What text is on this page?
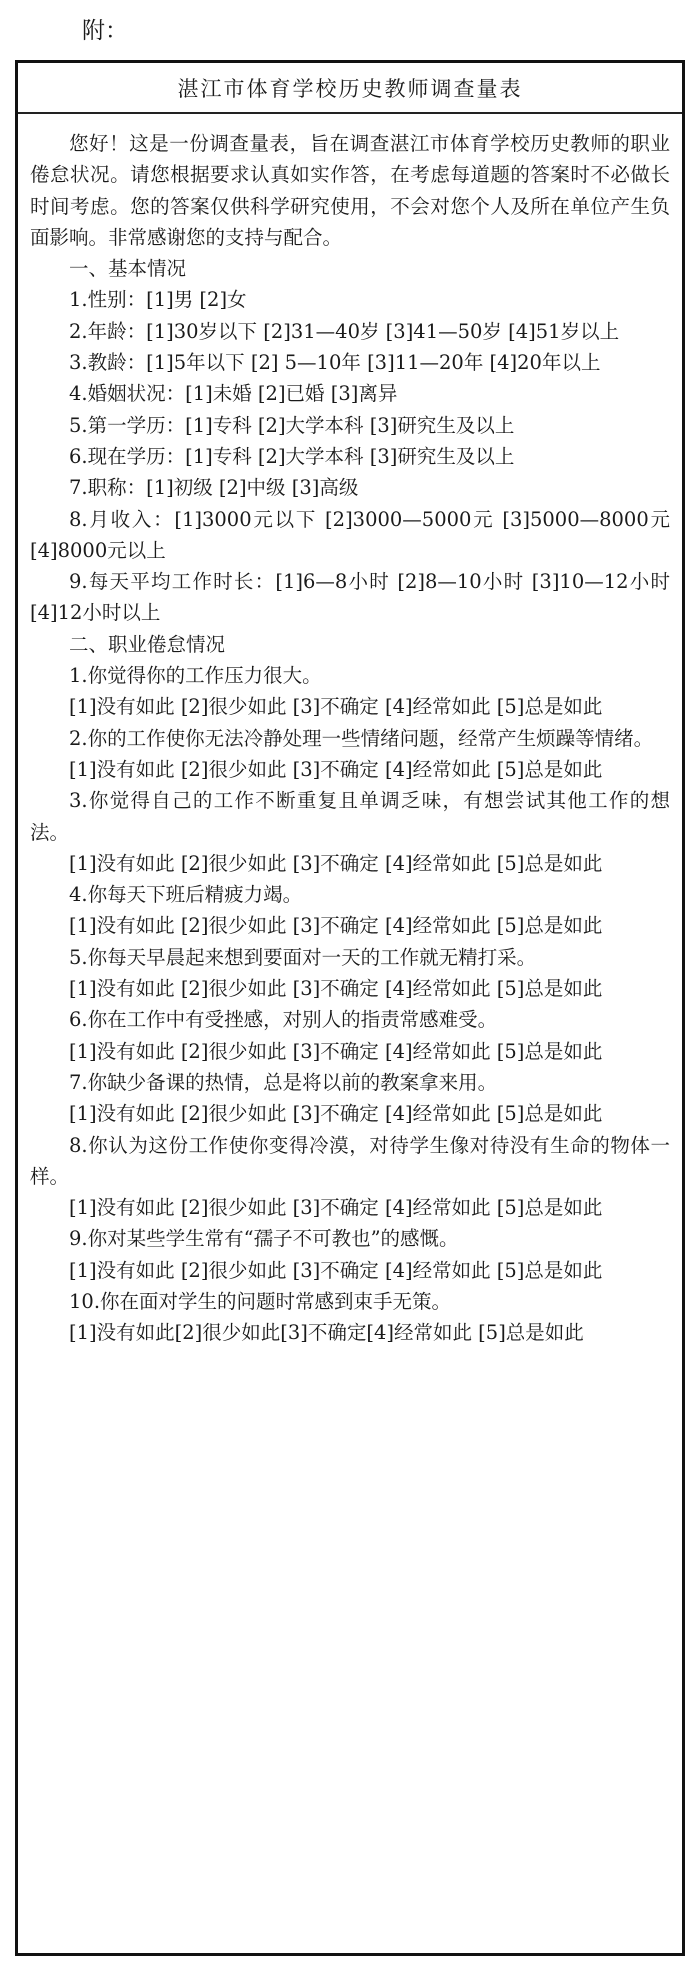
附：
湛江市体育学校历史教师调查量表

您好！这是一份调查量表，旨在调查湛江市体育学校历史教师的职业倦怠状况。请您根据要求认真如实作答，在考虑每道题的答案时不必做长时间考虑。您的答案仅供科学研究使用，不会对您个人及所在单位产生负面影响。非常感谢您的支持与配合。

一、基本情况

1.性别：[1]男 [2]女

2.年龄：[1]30岁以下 [2]31—40岁 [3]41—50岁 [4]51岁以上

3.教龄：[1]5年以下 [2] 5—10年 [3]11—20年 [4]20年以上

4.婚姻状况：[1]未婚 [2]已婚 [3]离异

5.第一学历：[1]专科 [2]大学本科 [3]研究生及以上

6.现在学历：[1]专科 [2]大学本科 [3]研究生及以上

7.职称：[1]初级 [2]中级 [3]高级

8.月收入：[1]3000元以下 [2]3000—5000元 [3]5000—8000元 [4]8000元以上

9.每天平均工作时长：[1]6—8小时 [2]8—10小时 [3]10—12小时 [4]12小时以上

二、职业倦怠情况

1.你觉得你的工作压力很大。

[1]没有如此 [2]很少如此 [3]不确定 [4]经常如此 [5]总是如此

2.你的工作使你无法冷静处理一些情绪问题，经常产生烦躁等情绪。

[1]没有如此 [2]很少如此 [3]不确定 [4]经常如此 [5]总是如此

3.你觉得自己的工作不断重复且单调乏味，有想尝试其他工作的想法。

[1]没有如此 [2]很少如此 [3]不确定 [4]经常如此 [5]总是如此

4.你每天下班后精疲力竭。

[1]没有如此 [2]很少如此 [3]不确定 [4]经常如此 [5]总是如此

5.你每天早晨起来想到要面对一天的工作就无精打采。

[1]没有如此 [2]很少如此 [3]不确定 [4]经常如此 [5]总是如此

6.你在工作中有受挫感，对别人的指责常感难受。

[1]没有如此 [2]很少如此 [3]不确定 [4]经常如此 [5]总是如此

7.你缺少备课的热情，总是将以前的教案拿来用。

[1]没有如此 [2]很少如此 [3]不确定 [4]经常如此 [5]总是如此

8.你认为这份工作使你变得冷漠，对待学生像对待没有生命的物体一样。

[1]没有如此 [2]很少如此 [3]不确定 [4]经常如此 [5]总是如此

9.你对某些学生常有“孺子不可教也”的感慨。

[1]没有如此 [2]很少如此 [3]不确定 [4]经常如此 [5]总是如此

10.你在面对学生的问题时常感到束手无策。

[1]没有如此[2]很少如此[3]不确定[4]经常如此 [5]总是如此
